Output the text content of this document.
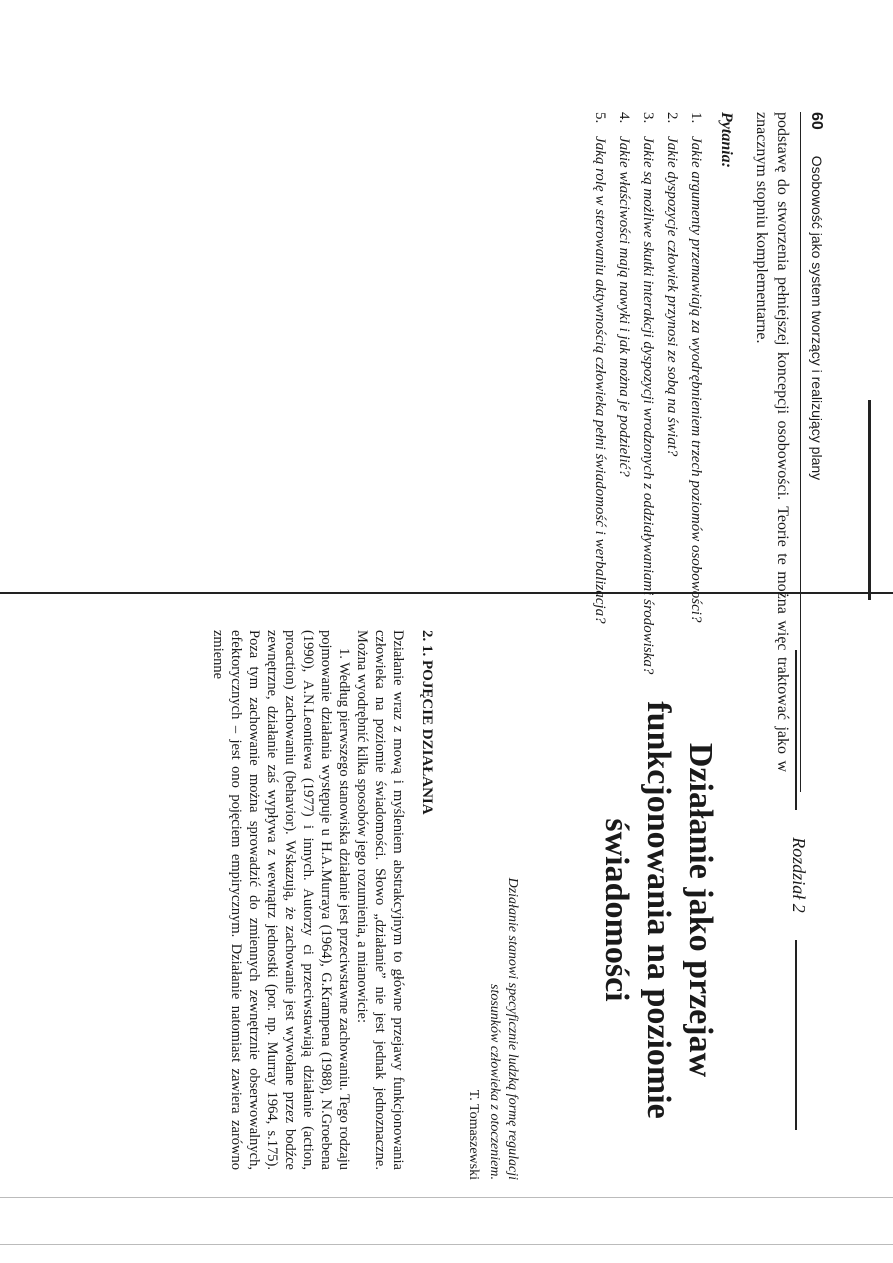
60 Osobowość jako system tworzący i realizujący plany

podstawę do stworzenia pełniejszej koncepcji osobowości. Teorie te można więc traktować jako w znacznym stopniu komplementarne.

Pytania:
1.
Jakie argumenty przemawiają za wyodrębnieniem trzech poziomów osobowości?
2.
Jakie dyspozycje człowiek przynosi ze sobą na świat?
3.
Jakie są możliwe skutki interakcji dyspozycji wrodzonych z oddziaływaniami środowiska?
4.
Jakie właściwości mają nawyki i jak można je podzielić?
5.
Jaką rolę w sterowaniu aktywnością człowieka pełni świadomość i werbalizacja?
Rozdział 2
Działanie jako przejaw
funkcjonowania na poziomie
świadomości
Działanie stanowi specyficznie ludzką formę regulacji stosunków człowieka z otoczeniem.
T. Tomaszewski
2. 1. POJĘCIE DZIAŁANIA

Działanie wraz z mową i myśleniem abstrakcyjnym to główne przejawy funkcjonowania człowieka na poziomie świadomości. Słowo „działanie” nie jest jednak jednoznaczne. Można wyodrębnić kilka sposobów jego rozumienia, a mianowicie:

1. Według pierwszego stanowiska działanie jest przeciwstawne zachowaniu. Tego rodzaju pojmowanie działania występuje u H.A.Murraya (1964), G.Krampena (1988), N.Groebena (1990), A.N.Leontiewa (1977) i innych. Autorzy ci przeciwstawiają działanie (action, proaction) zachowaniu (behavior). Wskazują, że zachowanie jest wywołane przez bodźce zewnętrzne, działanie zaś wypływa z wewnątrz jednostki (por. np. Murray 1964, s.175). Poza tym zachowanie można sprowadzić do zmiennych zewnętrznie obserwowalnych, efektorycznych – jest ono pojęciem empirycznym. Działanie natomiast zawiera zarówno zmienne
